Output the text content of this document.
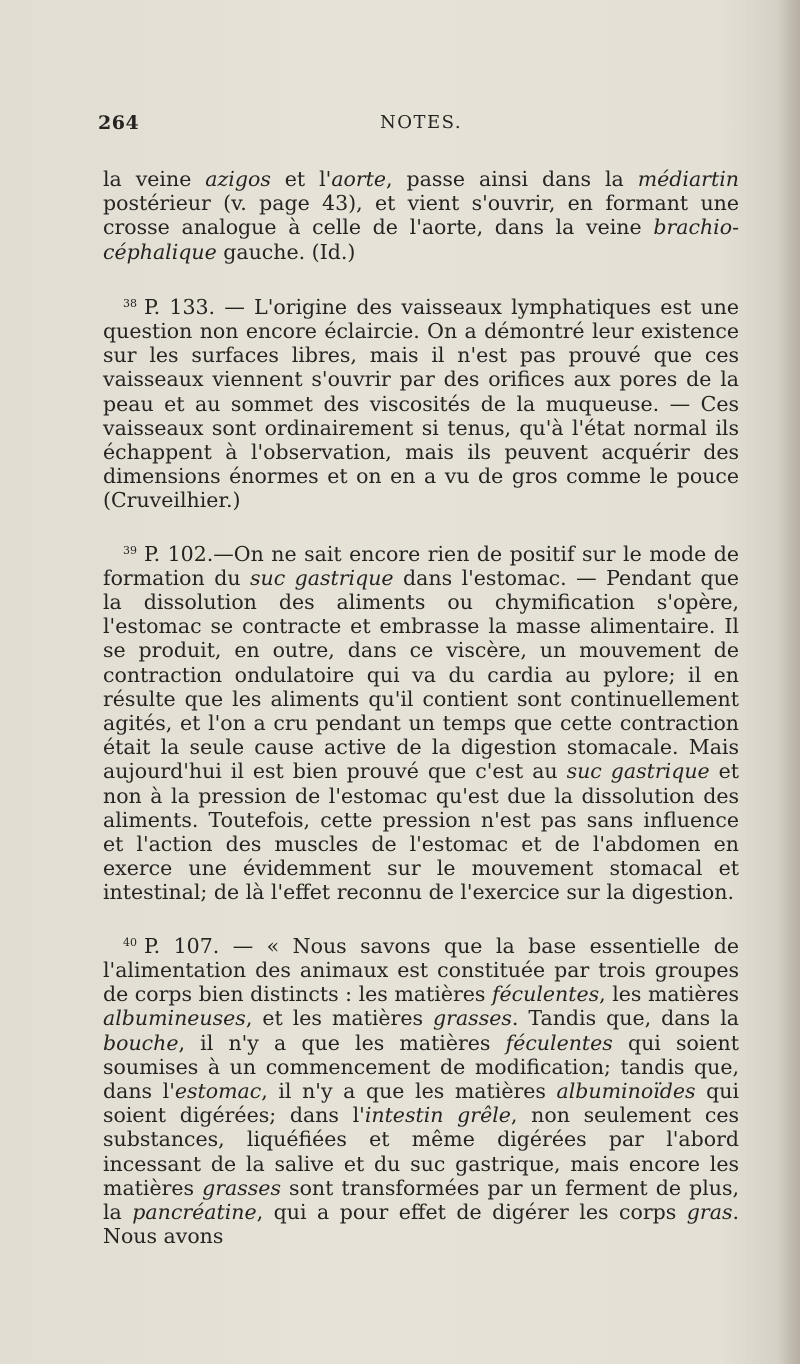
264	NOTES.

la veine azigos et l'aorte, passe ainsi dans la médiartin postérieur (v. page 43), et vient s'ouvrir, en formant une crosse analogue à celle de l'aorte, dans la veine brachio-céphalique gauche. (Id.)

$^{38}$ P. 133. — L'origine des vaisseaux lymphatiques est une question non encore éclaircie. On a démontré leur existence sur les surfaces libres, mais il n'est pas prouvé que ces vaisseaux viennent s'ouvrir par des orifices aux pores de la peau et au sommet des viscosités de la muqueuse. — Ces vaisseaux sont ordinairement si tenus, qu'à l'état normal ils échappent à l'observation, mais ils peuvent acquérir des dimensions énormes et on en a vu de gros comme le pouce (Cruveilhier.)

$^{39}$ P. 102.—On ne sait encore rien de positif sur le mode de formation du suc gastrique dans l'estomac. — Pendant que la dissolution des aliments ou chymification s'opère, l'estomac se contracte et embrasse la masse alimentaire. Il se produit, en outre, dans ce viscère, un mouvement de contraction ondulatoire qui va du cardia au pylore; il en résulte que les aliments qu'il contient sont continuellement agités, et l'on a cru pendant un temps que cette contraction était la seule cause active de la digestion stomacale. Mais aujourd'hui il est bien prouvé que c'est au suc gastrique et non à la pression de l'estomac qu'est due la dissolution des aliments. Toutefois, cette pression n'est pas sans influence et l'action des muscles de l'estomac et de l'abdomen en exerce une évidemment sur le mouvement stomacal et intestinal; de là l'effet reconnu de l'exercice sur la digestion.

$^{40}$ P. 107. — « Nous savons que la base essentielle de l'alimentation des animaux est constituée par trois groupes de corps bien distincts : les matières féculentes, les matières albumineuses, et les matières grasses. Tandis que, dans la bouche, il n'y a que les matières féculentes qui soient soumises à un commencement de modification; tandis que, dans l'estomac, il n'y a que les matières albuminoïdes qui soient digérées; dans l'intestin grêle, non seulement ces substances, liquéfiées et même digérées par l'abord incessant de la salive et du suc gastrique, mais encore les matières grasses sont transformées par un ferment de plus, la pancréatine, qui a pour effet de digérer les corps gras. Nous avons
